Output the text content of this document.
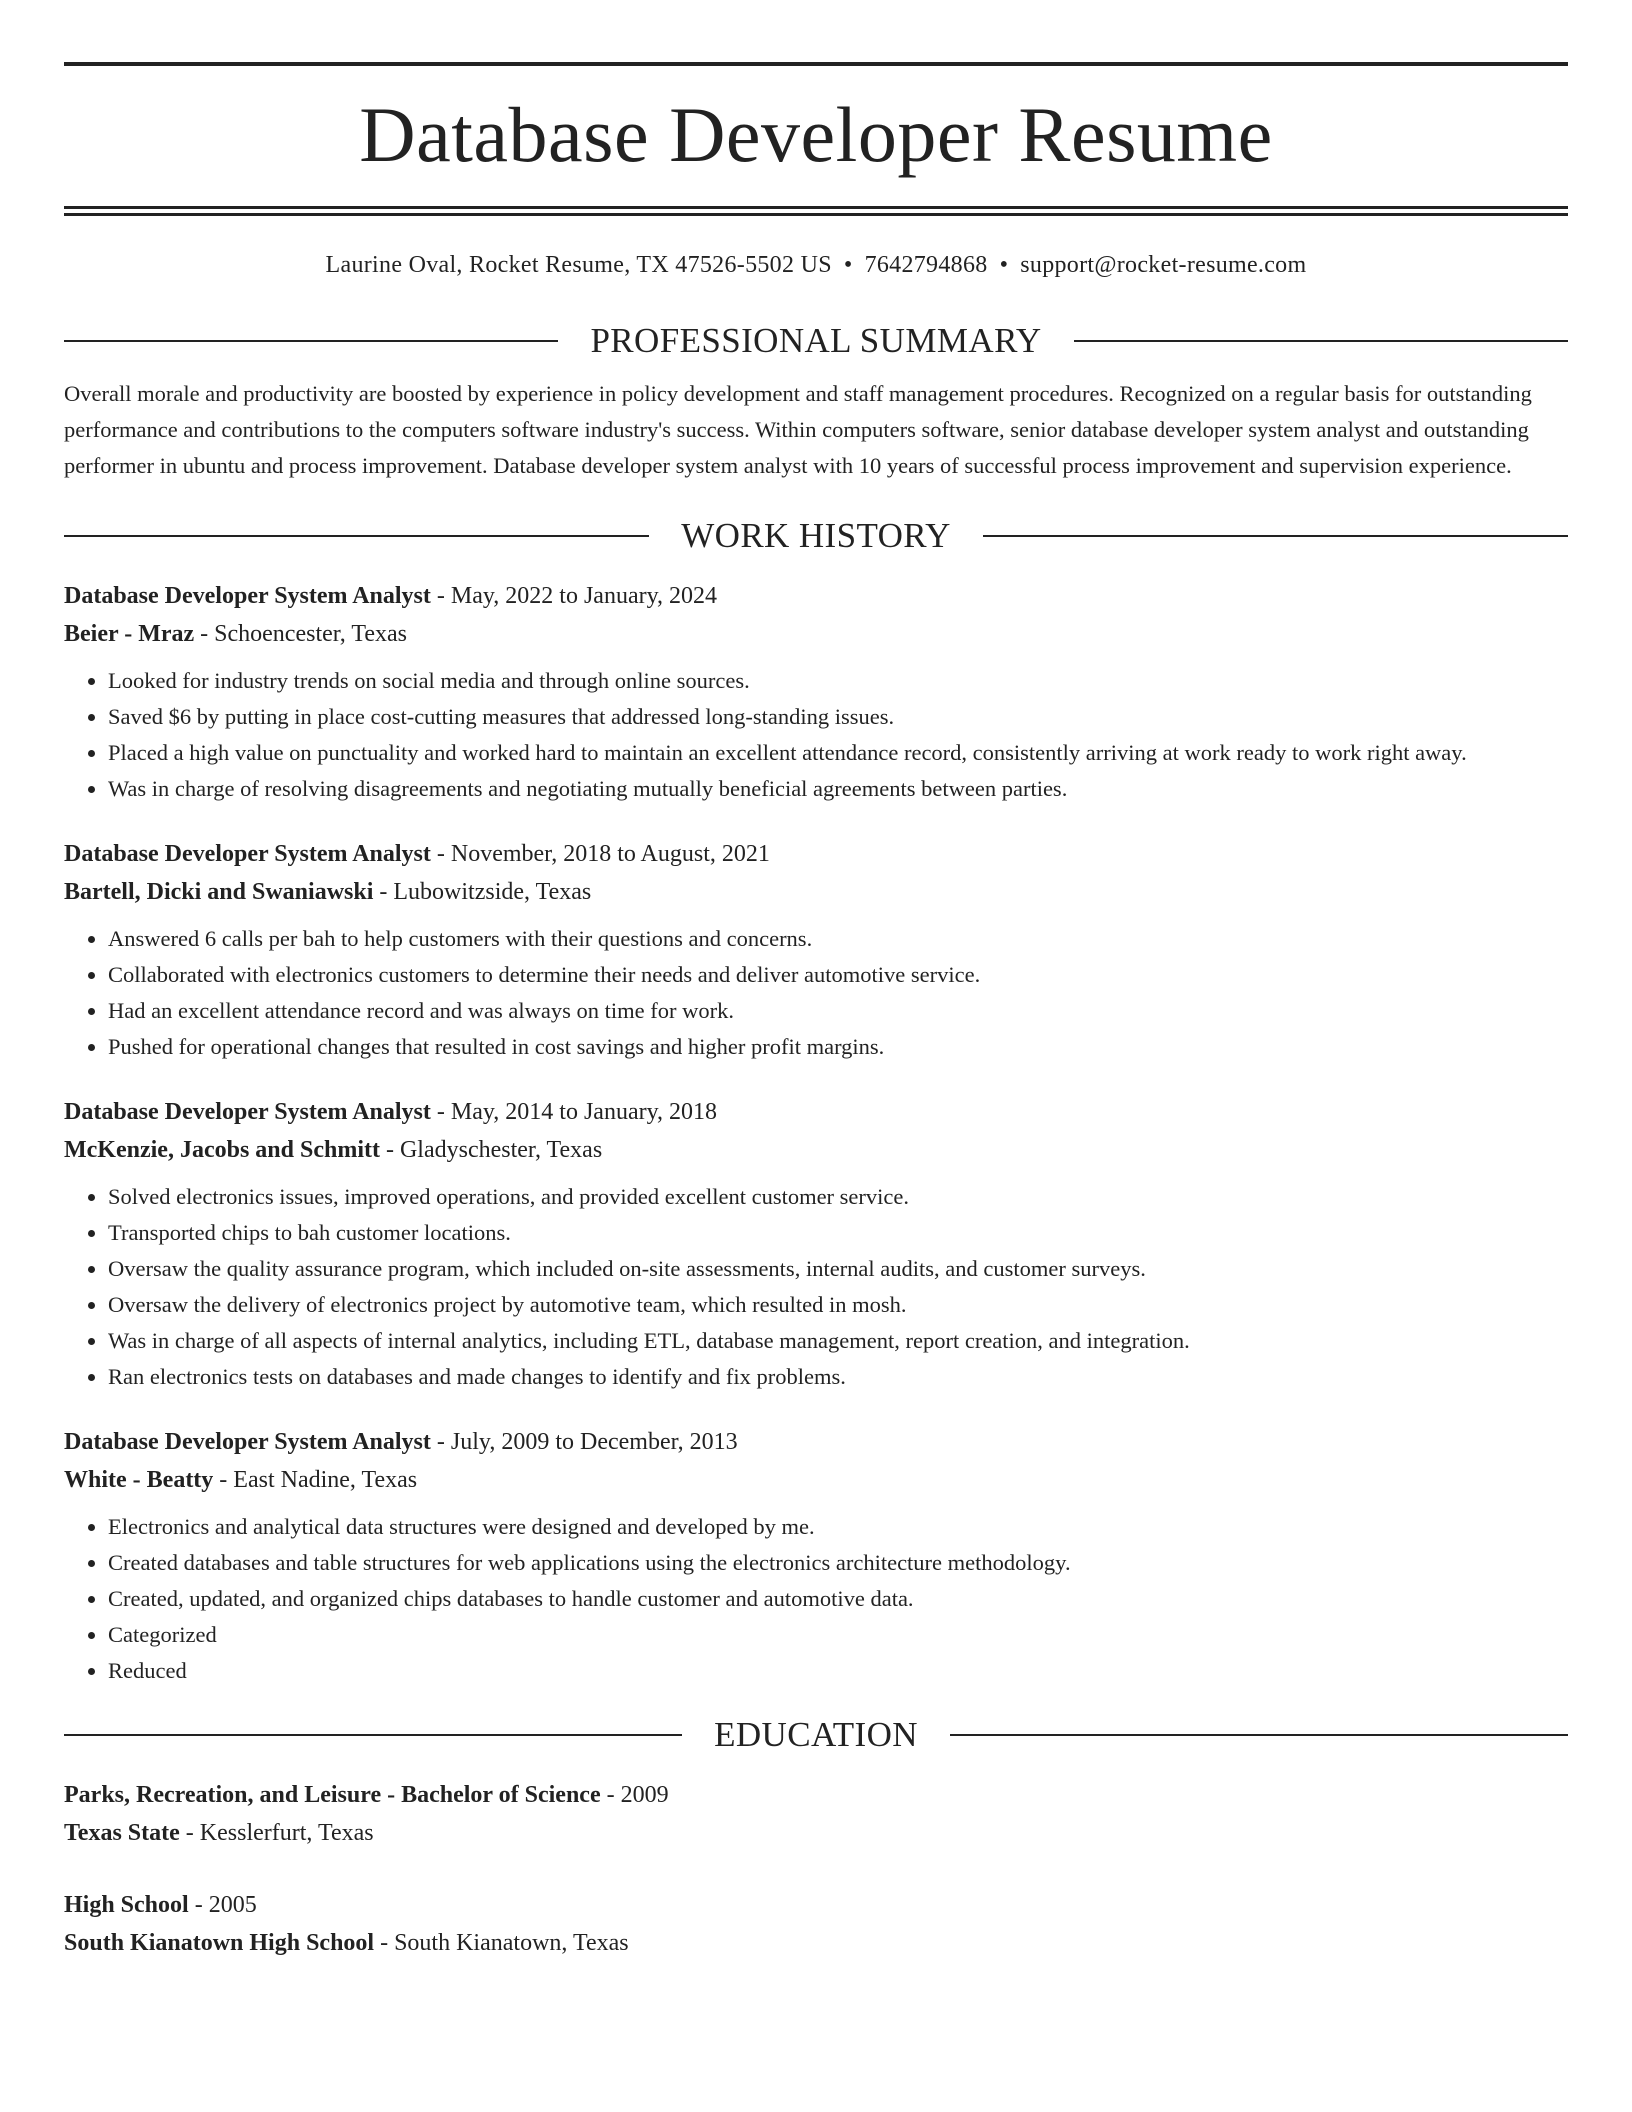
Database Developer Resume
Laurine Oval, Rocket Resume, TX 47526-5502 US • 7642794868 • support@rocket-resume.com
PROFESSIONAL SUMMARY

Overall morale and productivity are boosted by experience in policy development and staff management procedures. Recognized on a regular basis for outstanding performance and contributions to the computers software industry's success. Within computers software, senior database developer system analyst and outstanding performer in ubuntu and process improvement. Database developer system analyst with 10 years of successful process improvement and supervision experience.

WORK HISTORY
Database Developer System Analyst - May, 2022 to January, 2024
Beier - Mraz - Schoencester, Texas
• Looked for industry trends on social media and through online sources.
• Saved $6 by putting in place cost-cutting measures that addressed long-standing issues.
• Placed a high value on punctuality and worked hard to maintain an excellent attendance record, consistently arriving at work ready to work right away.
• Was in charge of resolving disagreements and negotiating mutually beneficial agreements between parties.
Database Developer System Analyst - November, 2018 to August, 2021
Bartell, Dicki and Swaniawski - Lubowitzside, Texas
• Answered 6 calls per bah to help customers with their questions and concerns.
• Collaborated with electronics customers to determine their needs and deliver automotive service.
• Had an excellent attendance record and was always on time for work.
• Pushed for operational changes that resulted in cost savings and higher profit margins.
Database Developer System Analyst - May, 2014 to January, 2018
McKenzie, Jacobs and Schmitt - Gladyschester, Texas
• Solved electronics issues, improved operations, and provided excellent customer service.
• Transported chips to bah customer locations.
• Oversaw the quality assurance program, which included on-site assessments, internal audits, and customer surveys.
• Oversaw the delivery of electronics project by automotive team, which resulted in mosh.
• Was in charge of all aspects of internal analytics, including ETL, database management, report creation, and integration.
• Ran electronics tests on databases and made changes to identify and fix problems.
Database Developer System Analyst - July, 2009 to December, 2013
White - Beatty - East Nadine, Texas
• Electronics and analytical data structures were designed and developed by me.
• Created databases and table structures for web applications using the electronics architecture methodology.
• Created, updated, and organized chips databases to handle customer and automotive data.
• Categorized
• Reduced
EDUCATION
Parks, Recreation, and Leisure - Bachelor of Science - 2009
Texas State - Kesslerfurt, Texas
High School - 2005
South Kianatown High School - South Kianatown, Texas
